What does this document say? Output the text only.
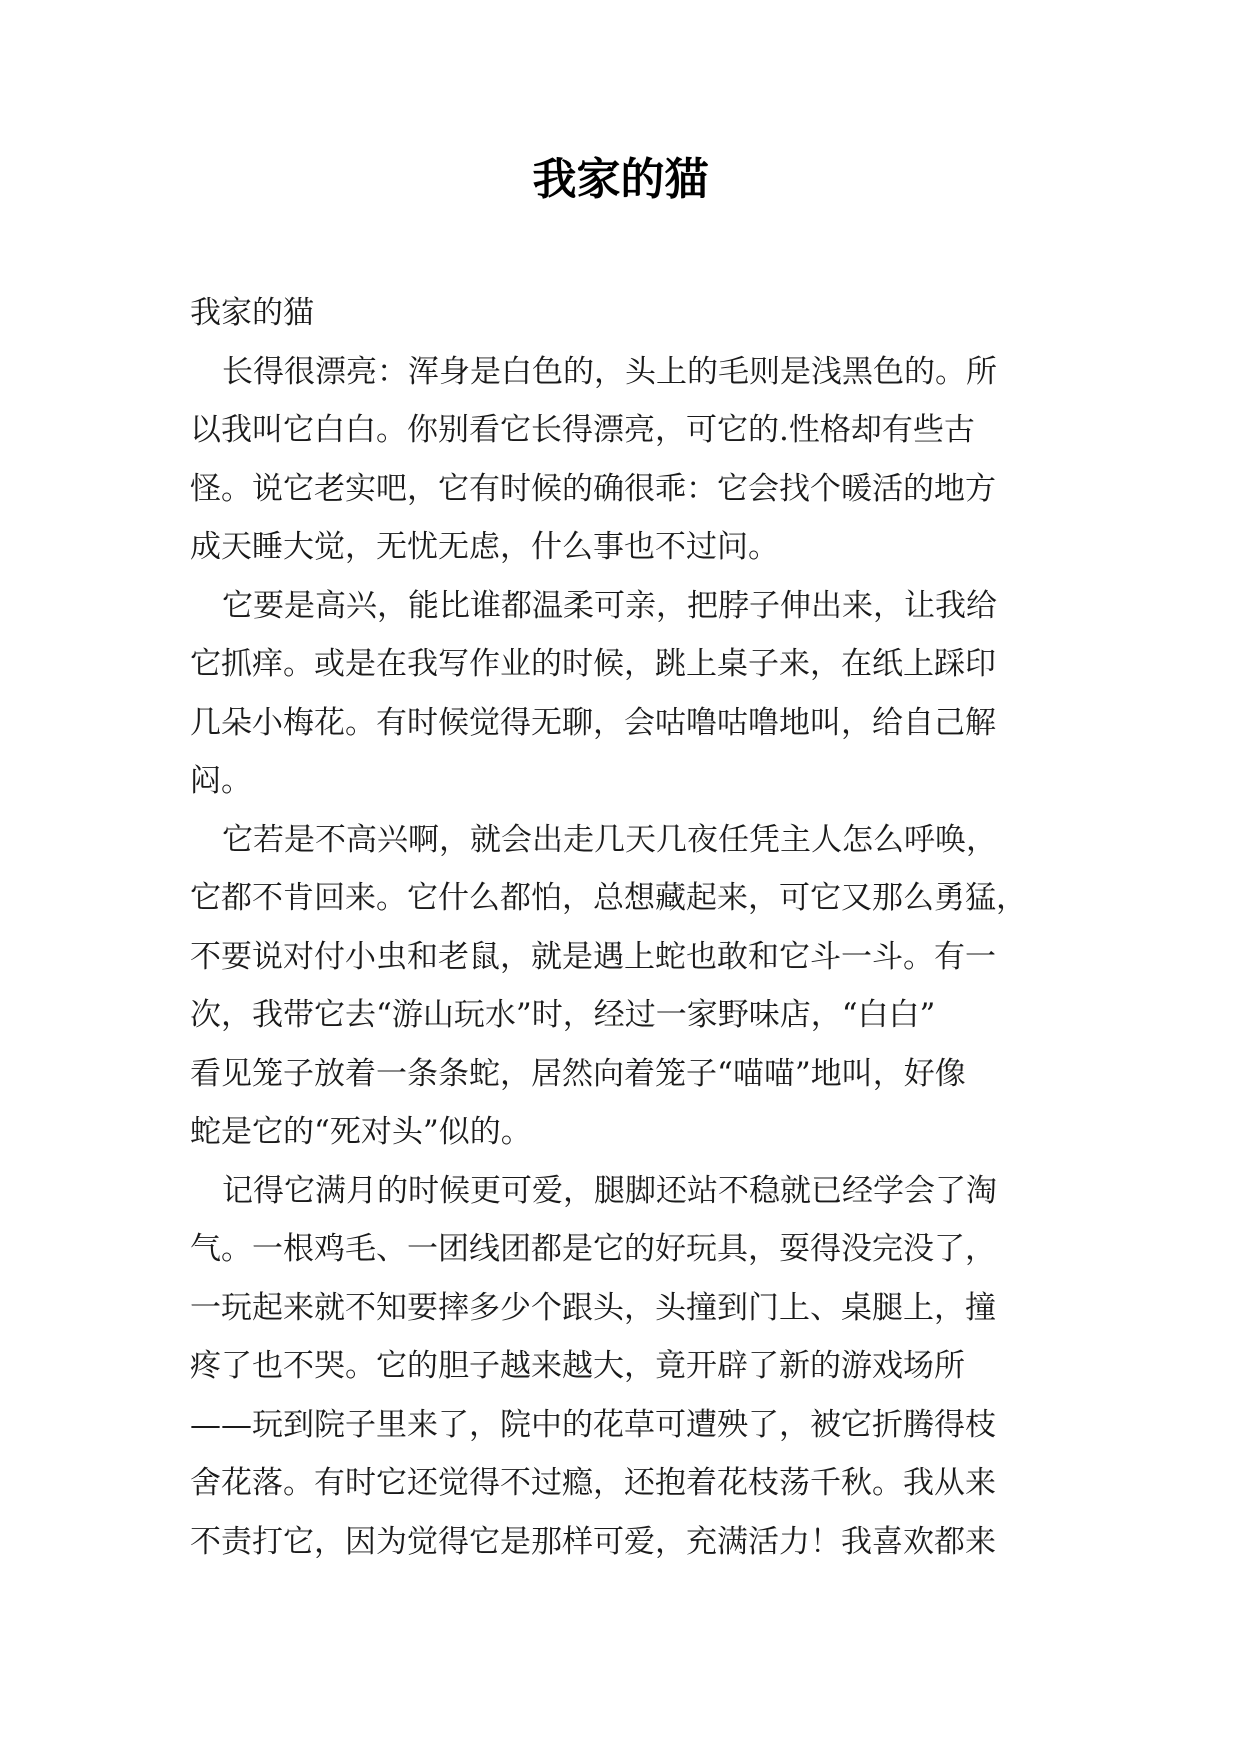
我家的猫
我家的猫
长得很漂亮：浑身是白色的，头上的毛则是浅黑色的。所
以我叫它白白。你别看它长得漂亮，可它的.性格却有些古
怪。说它老实吧，它有时候的确很乖：它会找个暖活的地方
成天睡大觉，无忧无虑，什么事也不过问。
它要是高兴，能比谁都温柔可亲，把脖子伸出来，让我给
它抓痒。或是在我写作业的时候，跳上桌子来，在纸上踩印
几朵小梅花。有时候觉得无聊，会咕噜咕噜地叫，给自己解
闷。
它若是不高兴啊，就会出走几天几夜任凭主人怎么呼唤，
它都不肯回来。它什么都怕，总想藏起来，可它又那么勇猛，
不要说对付小虫和老鼠，就是遇上蛇也敢和它斗一斗。有一
次，我带它去“游山玩水”时，经过一家野味店，“白白”
看见笼子放着一条条蛇，居然向着笼子“喵喵”地叫，好像
蛇是它的“死对头”似的。
记得它满月的时候更可爱，腿脚还站不稳就已经学会了淘
气。一根鸡毛、一团线团都是它的好玩具，耍得没完没了，
一玩起来就不知要摔多少个跟头，头撞到门上、桌腿上，撞
疼了也不哭。它的胆子越来越大，竟开辟了新的游戏场所
——玩到院子里来了，院中的花草可遭殃了，被它折腾得枝
舍花落。有时它还觉得不过瘾，还抱着花枝荡千秋。我从来
不责打它，因为觉得它是那样可爱，充满活力！我喜欢都来
